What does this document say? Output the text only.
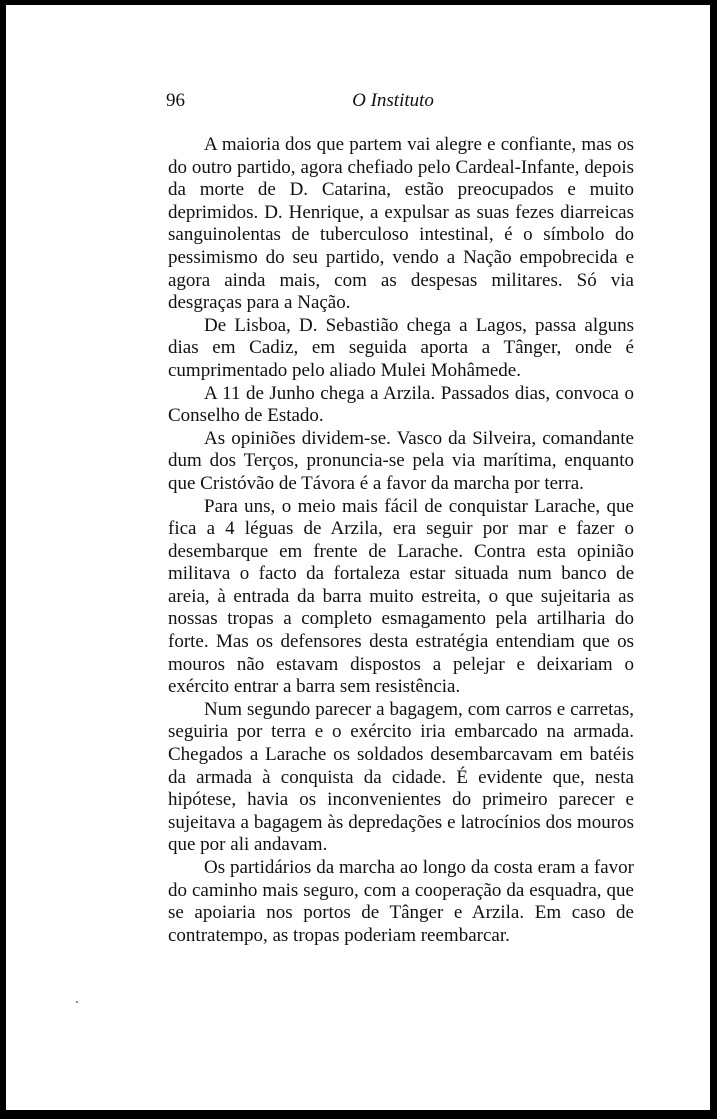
96	O Instituto

A maioria dos que partem vai alegre e confiante, mas os do outro partido, agora chefiado pelo Cardeal-Infante, depois da morte de D. Catarina, estão preocupados e muito deprimidos. D. Henrique, a expulsar as suas fezes diarreicas sanguinolentas de tuberculoso intestinal, é o símbolo do pessimismo do seu partido, vendo a Nação empobrecida e agora ainda mais, com as despesas militares. Só via desgraças para a Nação.

De Lisboa, D. Sebastião chega a Lagos, passa alguns dias em Cadiz, em seguida aporta a Tânger, onde é cumprimentado pelo aliado Mulei Mohâmede.

A 11 de Junho chega a Arzila. Passados dias, convoca o Conselho de Estado.

As opiniões dividem-se. Vasco da Silveira, comandante dum dos Terços, pronuncia-se pela via marítima, enquanto que Cristóvão de Távora é a favor da marcha por terra.

Para uns, o meio mais fácil de conquistar Larache, que fica a 4 léguas de Arzila, era seguir por mar e fazer o desembarque em frente de Larache. Contra esta opinião militava o facto da fortaleza estar situada num banco de areia, à entrada da barra muito estreita, o que sujeitaria as nossas tropas a completo esmagamento pela artilharia do forte. Mas os defensores desta estratégia entendiam que os mouros não estavam dispostos a pelejar e deixariam o exército entrar a barra sem resistência.

Num segundo parecer a bagagem, com carros e carretas, seguiria por terra e o exército iria embarcado na armada. Chegados a Larache os soldados desembarcavam em batéis da armada à conquista da cidade. É evidente que, nesta hipótese, havia os inconvenientes do primeiro parecer e sujeitava a bagagem às depredações e latrocínios dos mouros que por ali andavam.

Os partidários da marcha ao longo da costa eram a favor do caminho mais seguro, com a cooperação da esquadra, que se apoiaria nos portos de Tânger e Arzila. Em caso de contratempo, as tropas poderiam reembarcar.
